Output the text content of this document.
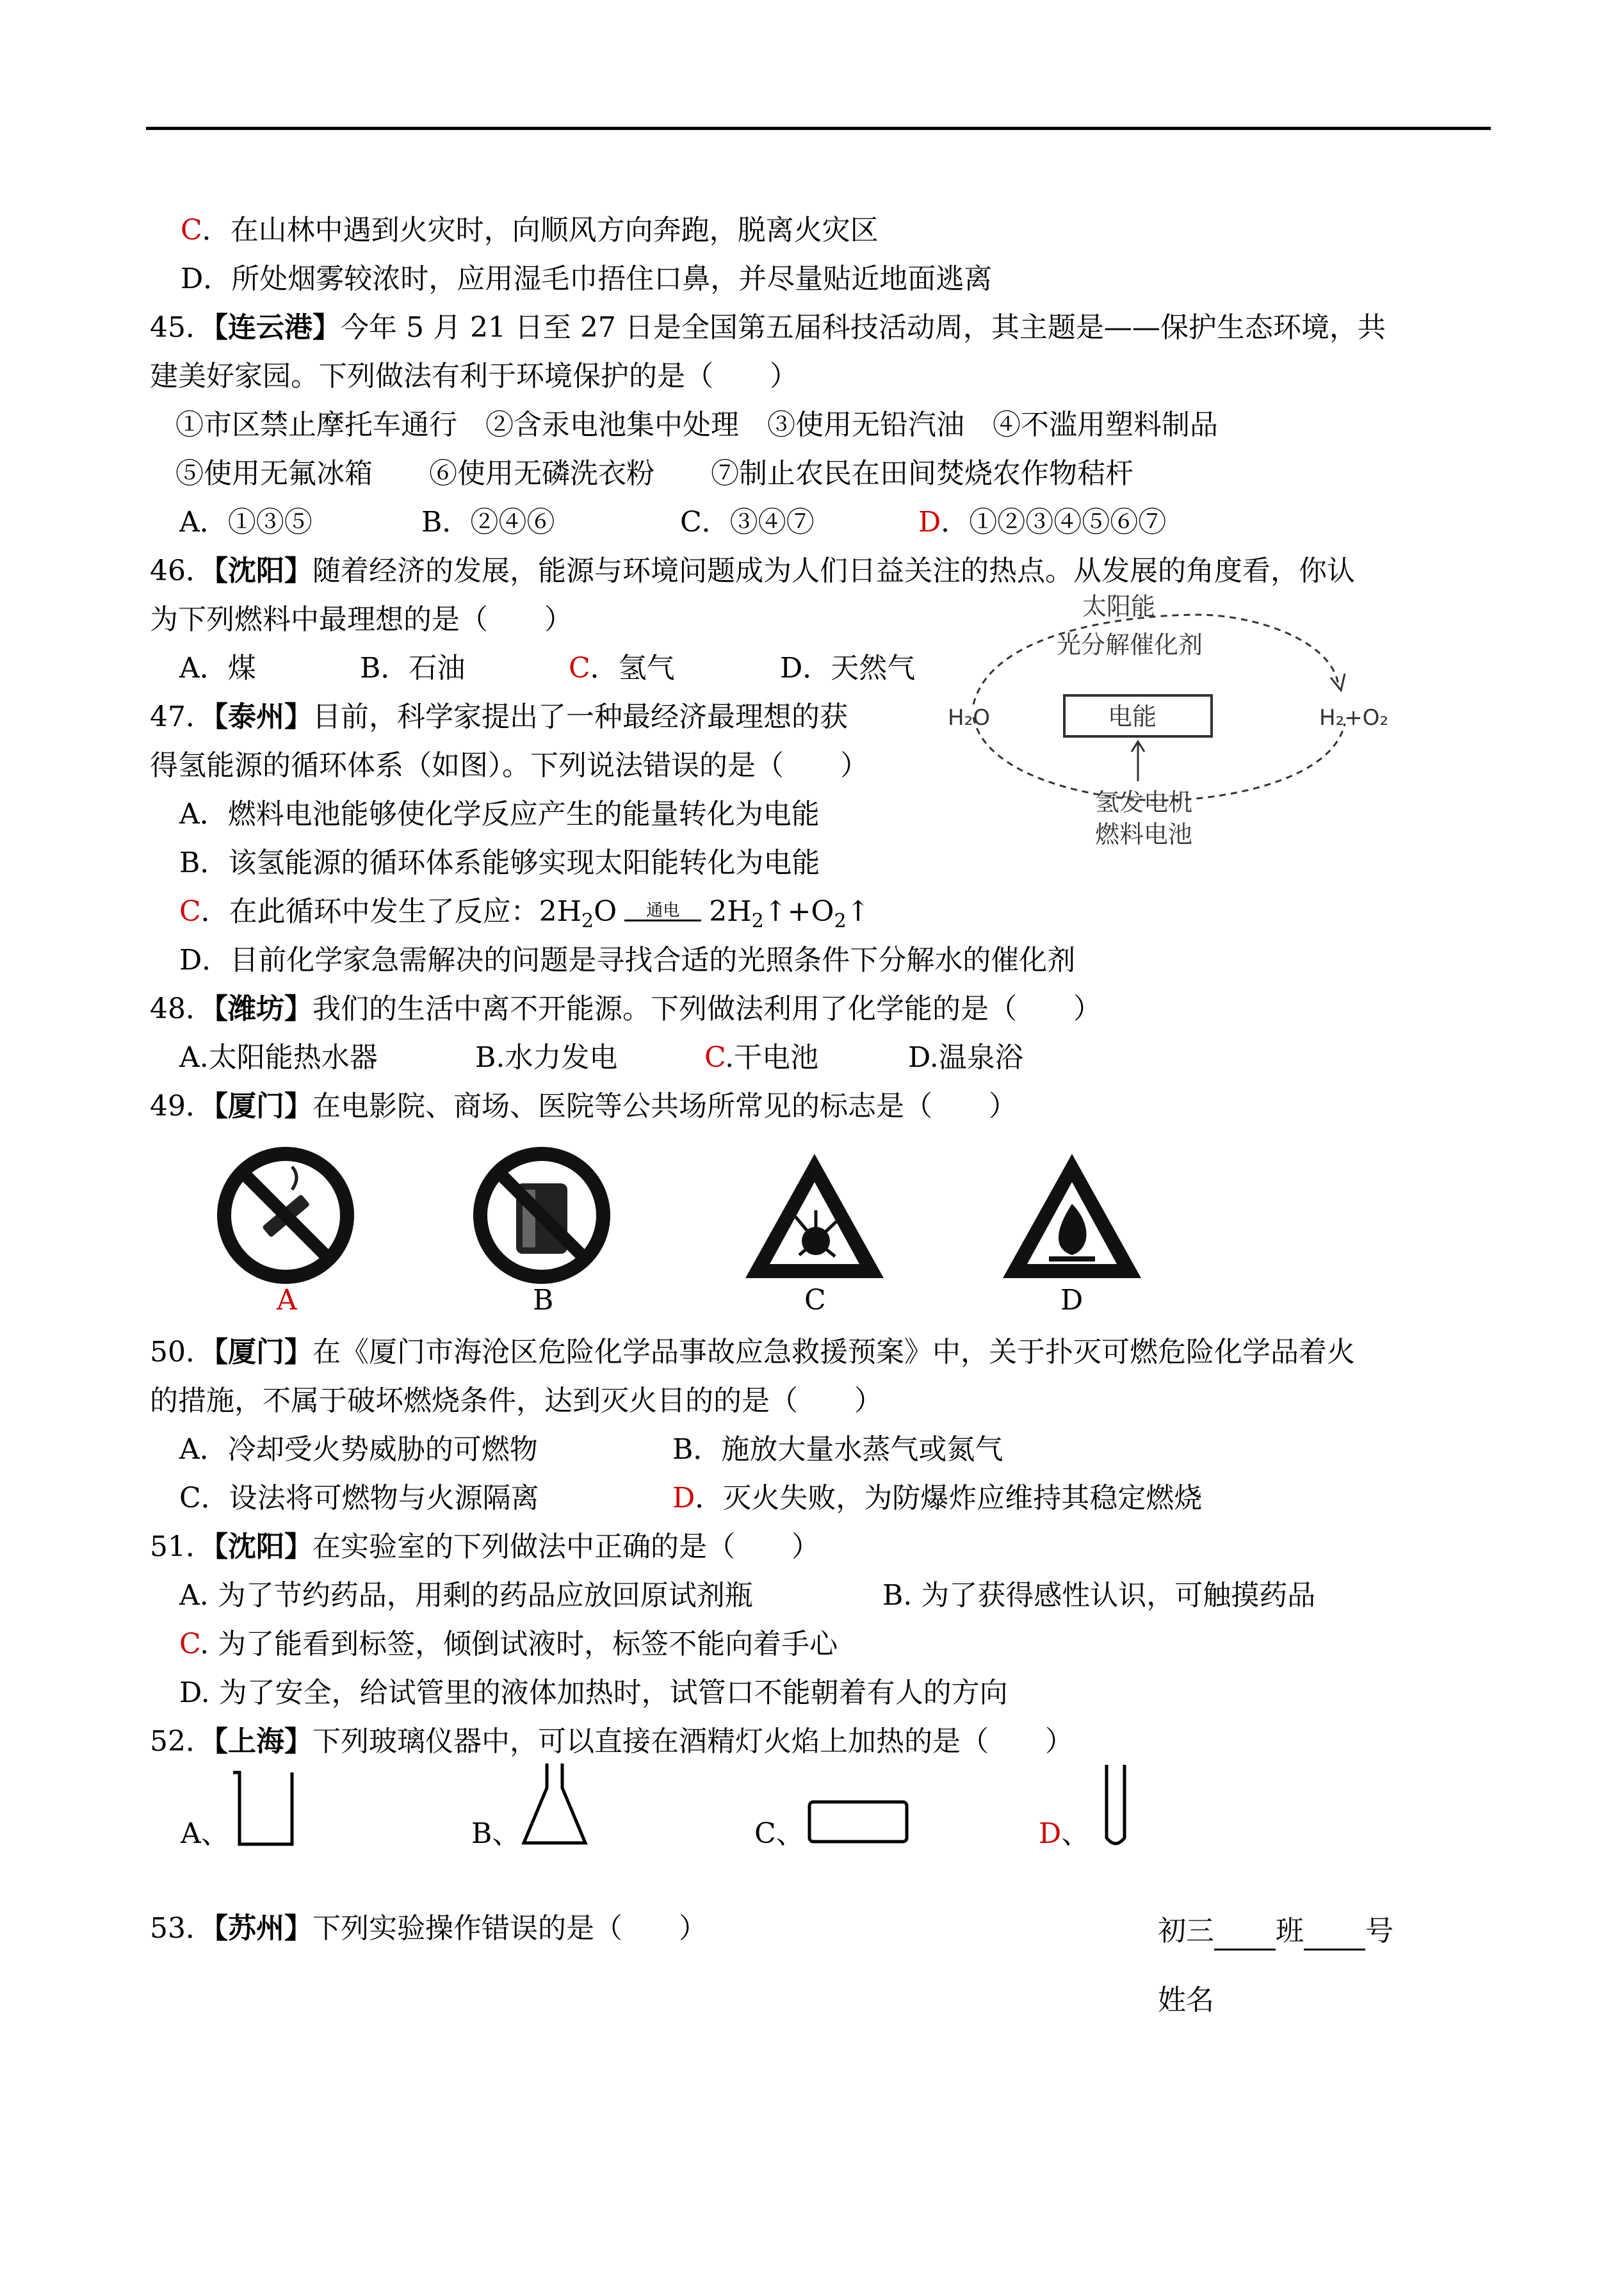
C．在山林中遇到火灾时，向顺风方向奔跑，脱离火灾区
D．所处烟雾较浓时，应用湿毛巾捂住口鼻，并尽量贴近地面逃离
45．【连云港】今年 5 月 21 日至 27 日是全国第五届科技活动周，其主题是——保护生态环境，共
建美好家园。下列做法有利于环境保护的是（　　）
①市区禁止摩托车通行　②含汞电池集中处理　③使用无铅汽油　④不滥用塑料制品
⑤使用无氟冰箱　　⑥使用无磷洗衣粉　　⑦制止农民在田间焚烧农作物秸杆
A．①③⑤	B．②④⑥	C．③④⑦	D．①②③④⑤⑥⑦
46．【沈阳】随着经济的发展，能源与环境问题成为人们日益关注的热点。从发展的角度看，你认
为下列燃料中最理想的是（　　）
A．煤	B．石油	C．氢气	D．天然气
47．【泰州】目前，科学家提出了一种最经济最理想的获
得氢能源的循环体系（如图）。下列说法错误的是（　　）
A．燃料电池能够使化学反应产生的能量转化为电能
B．该氢能源的循环体系能够实现太阳能转化为电能
C．在此循环中发生了反应：$2H_2O$ 通电 $2H_2↑+O_2↑$
D．目前化学家急需解决的问题是寻找合适的光照条件下分解水的催化剂
太阳能
光分解催化剂
H₂O	电能	H₂+O₂
氢发电机
燃料电池
48．【潍坊】我们的生活中离不开能源。下列做法利用了化学能的是（　　）
A.太阳能热水器	B.水力发电	C.干电池	D.温泉浴
49．【厦门】在电影院、商场、医院等公共场所常见的标志是（　　）
A	B	C	D
50．【厦门】在《厦门市海沧区危险化学品事故应急救援预案》中，关于扑灭可燃危险化学品着火
的措施，不属于破坏燃烧条件，达到灭火目的的是（　　）
A．冷却受火势威胁的可燃物	B．施放大量水蒸气或氮气
C．设法将可燃物与火源隔离	D．灭火失败，为防爆炸应维持其稳定燃烧
51．【沈阳】在实验室的下列做法中正确的是（　　）
A. 为了节约药品，用剩的药品应放回原试剂瓶	B. 为了获得感性认识，可触摸药品
C. 为了能看到标签，倾倒试液时，标签不能向着手心
D. 为了安全，给试管里的液体加热时，试管口不能朝着有人的方向
52．【上海】下列玻璃仪器中，可以直接在酒精灯火焰上加热的是（　　）
A、	B、	C、	D、
53．【苏州】下列实验操作错误的是（　　）	初三 班 号
姓名
